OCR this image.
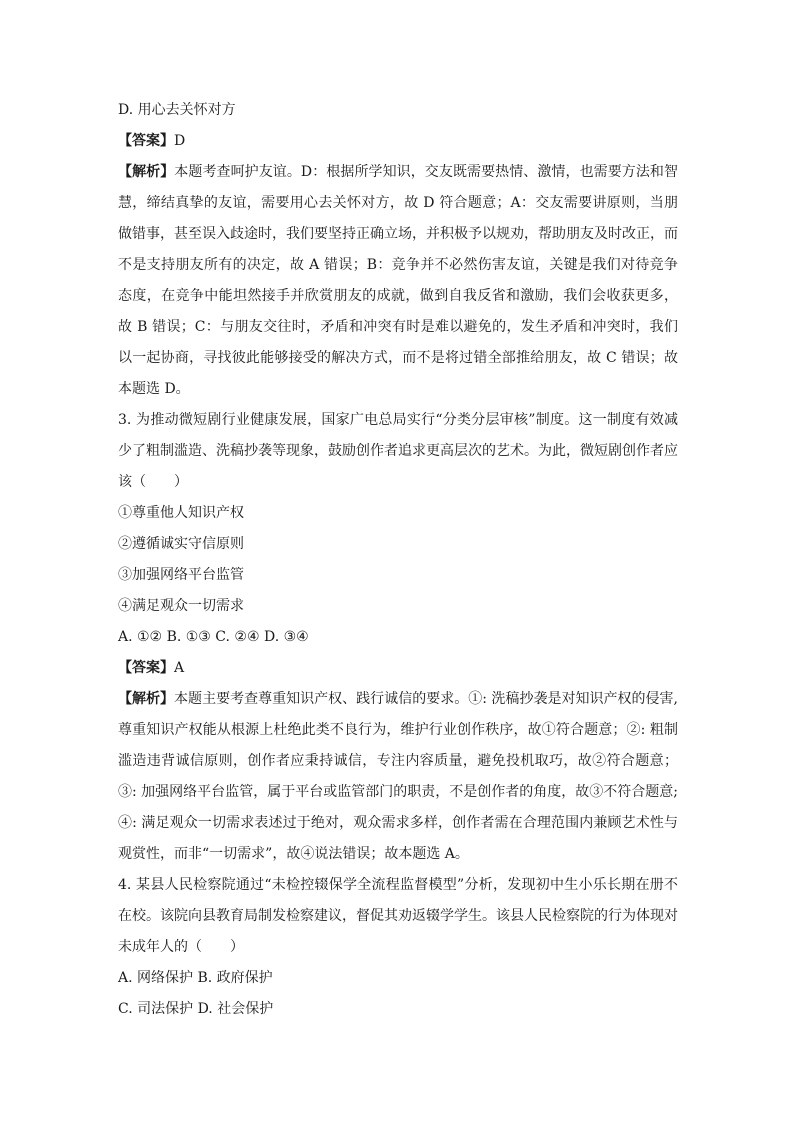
D. 用心去关怀对方
【答案】D
【解析】本题考查呵护友谊。D：根据所学知识，交友既需要热情、激情，也需要方法和智
慧，缔结真挚的友谊，需要用心去关怀对方，故 D 符合题意；A：交友需要讲原则，当朋
做错事，甚至误入歧途时，我们要坚持正确立场，并积极予以规劝，帮助朋友及时改正，而
不是支持朋友所有的决定，故 A 错误；B：竞争并不必然伤害友谊，关键是我们对待竞争
态度，在竞争中能坦然接手并欣赏朋友的成就，做到自我反省和激励，我们会收获更多，
故 B 错误；C：与朋友交往时，矛盾和冲突有时是难以避免的，发生矛盾和冲突时，我们
以一起协商，寻找彼此能够接受的解决方式，而不是将过错全部推给朋友，故 C 错误；故
本题选 D。
3. 为推动微短剧行业健康发展，国家广电总局实行“分类分层审核”制度。这一制度有效减
少了粗制滥造、洗稿抄袭等现象，鼓励创作者追求更高层次的艺术。为此，微短剧创作者应
该（　　）
①尊重他人知识产权
②遵循诚实守信原则
③加强网络平台监管
④满足观众一切需求
A. ①② B. ①③ C. ②④ D. ③④
【答案】A
【解析】本题主要考查尊重知识产权、践行诚信的要求。①: 洗稿抄袭是对知识产权的侵害,
尊重知识产权能从根源上杜绝此类不良行为，维护行业创作秩序，故①符合题意；②: 粗制
滥造违背诚信原则，创作者应秉持诚信，专注内容质量，避免投机取巧，故②符合题意；
③: 加强网络平台监管，属于平台或监管部门的职责，不是创作者的角度，故③不符合题意;
④: 满足观众一切需求表述过于绝对，观众需求多样，创作者需在合理范围内兼顾艺术性与
观赏性，而非“一切需求”，故④说法错误；故本题选 A。
4. 某县人民检察院通过“未检控辍保学全流程监督模型”分析，发现初中生小乐长期在册不
在校。该院向县教育局制发检察建议，督促其劝返辍学学生。该县人民检察院的行为体现对
未成年人的（　　）
A. 网络保护 B. 政府保护
C. 司法保护 D. 社会保护
